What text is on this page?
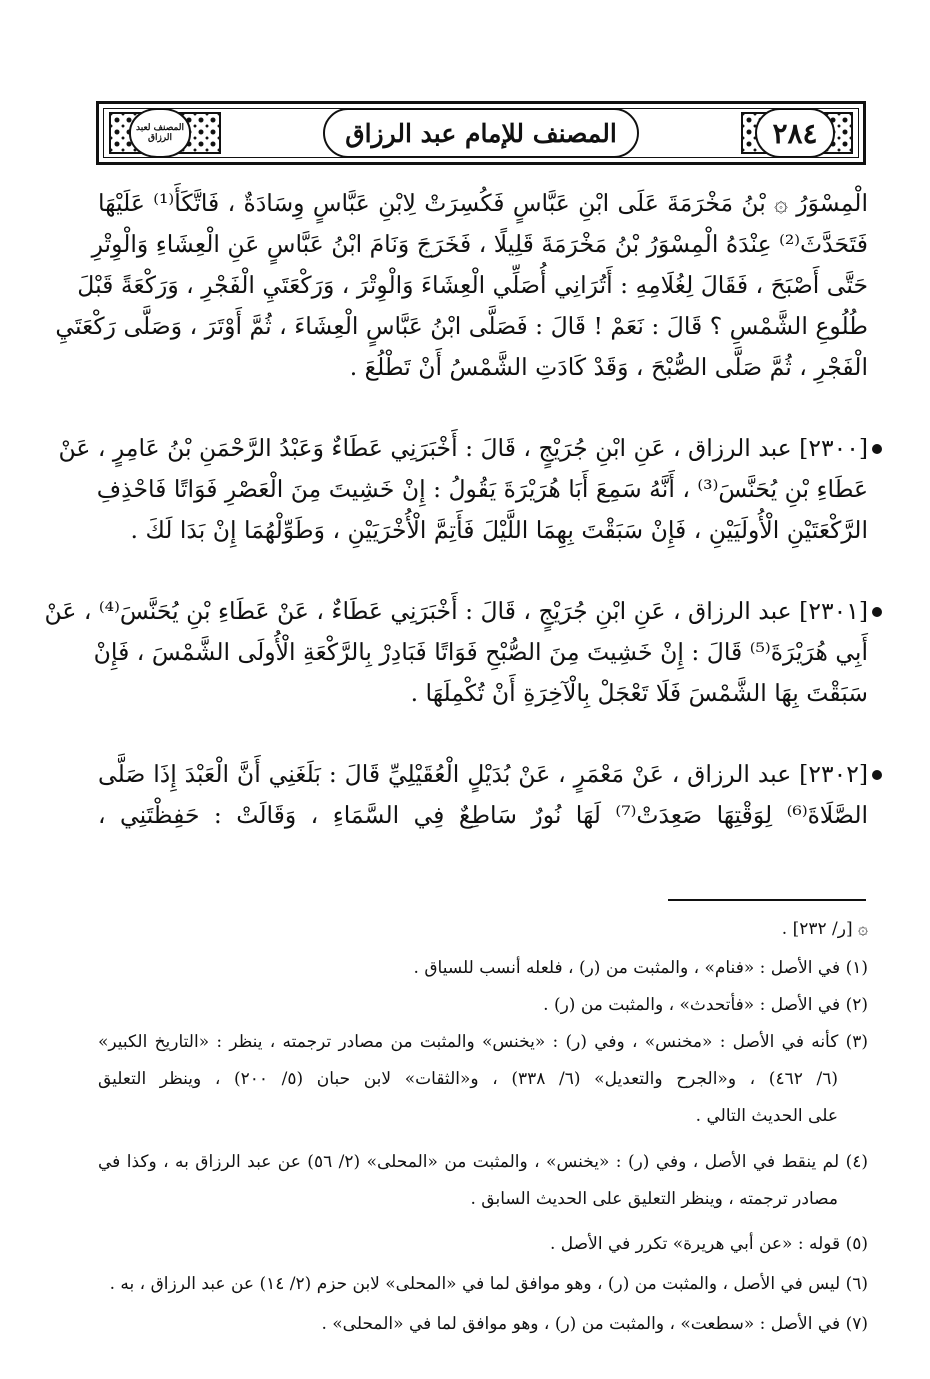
المصنف لعبد الرزاق	المصنف للإمام عبد الرزاق	٢٨٤
الْمِسْوَرُ ۞ بْنُ مَخْرَمَةَ عَلَى ابْنِ عَبَّاسٍ فَكُسِرَتْ لِابْنِ عَبَّاسٍ وِسَادَةٌ ، فَاتَّكَأَ⁽¹⁾ عَلَيْهَا
فَتَحَدَّثَ⁽²⁾ عِنْدَهُ الْمِسْوَرُ بْنُ مَخْرَمَةَ قَلِيلًا ، فَخَرَجَ وَنَامَ ابْنُ عَبَّاسٍ عَنِ الْعِشَاءِ وَالْوِتْرِ
حَتَّى أَصْبَحَ ، فَقَالَ لِغُلَامِهِ : أَتُرَانِي أُصَلِّي الْعِشَاءَ وَالْوِتْرَ ، وَرَكْعَتَيِ الْفَجْرِ ، وَرَكْعَةً قَبْلَ
طُلُوعِ الشَّمْسِ ؟ قَالَ : نَعَمْ ! قَالَ : فَصَلَّى ابْنُ عَبَّاسٍ الْعِشَاءَ ، ثُمَّ أَوْتَرَ ، وَصَلَّى رَكْعَتَيِ
الْفَجْرِ ، ثُمَّ صَلَّى الصُّبْحَ ، وَقَدْ كَادَتِ الشَّمْسُ أَنْ تَطْلُعَ .
[٢٣٠٠] عبد الرزاق ، عَنِ ابْنِ جُرَيْجٍ ، قَالَ : أَخْبَرَنِي عَطَاءٌ وَعَبْدُ الرَّحْمَنِ بْنُ عَامِرٍ ، عَنْ
عَطَاءِ بْنِ يُحَنَّسَ⁽³⁾ ، أَنَّهُ سَمِعَ أَبَا هُرَيْرَةَ يَقُولُ : إِنْ خَشِيتَ مِنَ الْعَصْرِ فَوَاتًا فَاحْذِفِ
الرَّكْعَتَيْنِ الْأُولَيَيْنِ ، فَإِنْ سَبَقْتَ بِهِمَا اللَّيْلَ فَأَتِمَّ الْأُخْرَيَيْنِ ، وَطَوِّلْهُمَا إِنْ بَدَا لَكَ .
[٢٣٠١] عبد الرزاق ، عَنِ ابْنِ جُرَيْجٍ ، قَالَ : أَخْبَرَنِي عَطَاءٌ ، عَنْ عَطَاءِ بْنِ يُحَنَّسَ⁽⁴⁾ ، عَنْ
أَبِي هُرَيْرَةَ⁽⁵⁾ قَالَ : إِنْ خَشِيتَ مِنَ الصُّبْحِ فَوَاتًا فَبَادِرْ بِالرَّكْعَةِ الْأُولَى الشَّمْسَ ، فَإِنْ
سَبَقْتَ بِهَا الشَّمْسَ فَلَا تَعْجَلْ بِالْآخِرَةِ أَنْ تُكْمِلَهَا .
[٢٣٠٢] عبد الرزاق ، عَنْ مَعْمَرٍ ، عَنْ بُدَيْلٍ الْعُقَيْلِيِّ قَالَ : بَلَغَنِي أَنَّ الْعَبْدَ إِذَا صَلَّى
الصَّلَاةَ⁽⁶⁾ لِوَقْتِهَا صَعِدَتْ⁽⁷⁾ لَهَا نُورٌ سَاطِعٌ فِي السَّمَاءِ ، وَقَالَتْ : حَفِظْتَنِي ،
۞ [ر/ ٢٣٢] .
(١) في الأصل : «فنام» ، والمثبت من (ر) ، فلعله أنسب للسياق .
(٢) في الأصل : «فأتحدث» ، والمثبت من (ر) .
(٣) كأنه في الأصل : «مخنس» ، وفي (ر) : «يخنس» والمثبت من مصادر ترجمته ، ينظر : «التاريخ الكبير»
(٦/ ٤٦٢) ، و«الجرح والتعديل» (٦/ ٣٣٨) ، و«الثقات» لابن حبان (٥/ ٢٠٠) ، وينظر التعليق
على الحديث التالي .
(٤) لم ينقط في الأصل ، وفي (ر) : «يخنس» ، والمثبت من «المحلى» (٢/ ٥٦) عن عبد الرزاق به ، وكذا في
مصادر ترجمته ، وينظر التعليق على الحديث السابق .
(٥) قوله : «عن أبي هريرة» تكرر في الأصل .
(٦) ليس في الأصل ، والمثبت من (ر) ، وهو موافق لما في «المحلى» لابن حزم (٢/ ١٤) عن عبد الرزاق ، به .
(٧) في الأصل : «سطعت» ، والمثبت من (ر) ، وهو موافق لما في «المحلى» .
